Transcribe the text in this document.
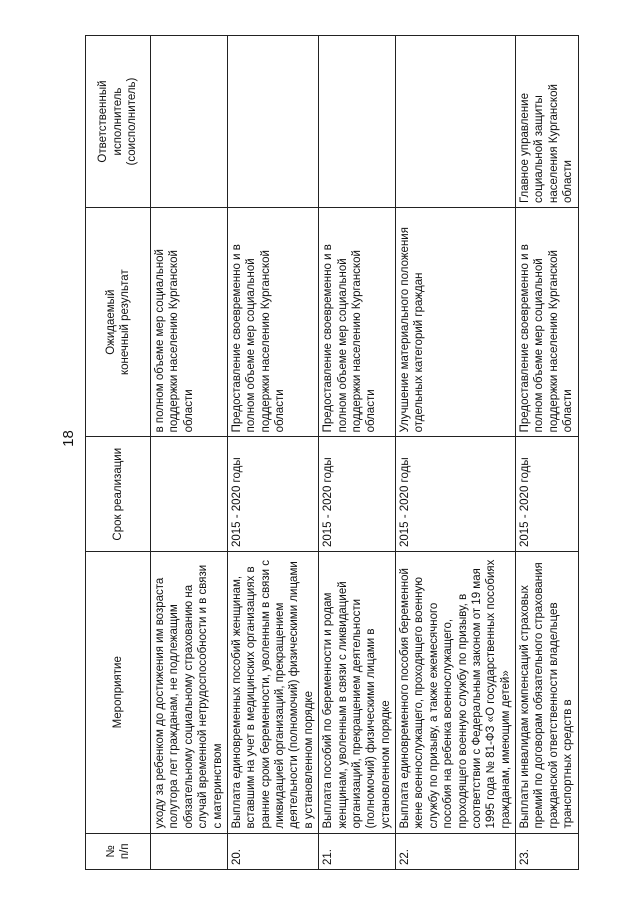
18
№ п/п	Мероприятие	Срок реализации	Ожидаемый конечный результат	Ответственный исполнитель (соисполнитель)

	уходу за ребенком до достижения им возраста полутора лет гражданам, не подлежащим обязательному социальному страхованию на случай временной нетрудоспособности и в связи с материнством		в полном объеме мер социальной поддержки населению Курганской области	
20.	Выплата единовременных пособий женщинам, вставшим на учет в медицинских организациях в ранние сроки беременности, уволенным в связи с ликвидацией организаций, прекращением деятельности (полномочий) физическими лицами в установленном порядке	2015 - 2020 годы	Предоставление своевременно и в полном объеме мер социальной поддержки населению Курганской области	
21.	Выплата пособий по беременности и родам женщинам, уволенным в связи с ликвидацией организаций, прекращением деятельности (полномочий) физическими лицами в установленном порядке	2015 - 2020 годы	Предоставление своевременно и в полном объеме мер социальной поддержки населению Курганской области	
22.	Выплата единовременного пособия беременной жене военнослужащего, проходящего военную службу по призыву, а также ежемесячного пособия на ребенка военнослужащего, проходящего военную службу по призыву, в соответствии с Федеральным законом от 19 мая 1995 года № 81-ФЗ «О государственных пособиях гражданам, имеющим детей»	2015 - 2020 годы	Улучшение материального положения отдельных категорий граждан	
23.	Выплаты инвалидам компенсаций страховых премий по договорам обязательного страхования гражданской ответственности владельцев транспортных средств в	2015 - 2020 годы	Предоставление своевременно и в полном объеме мер социальной поддержки населению Курганской области	Главное управление социальной защиты населения Курганской области
